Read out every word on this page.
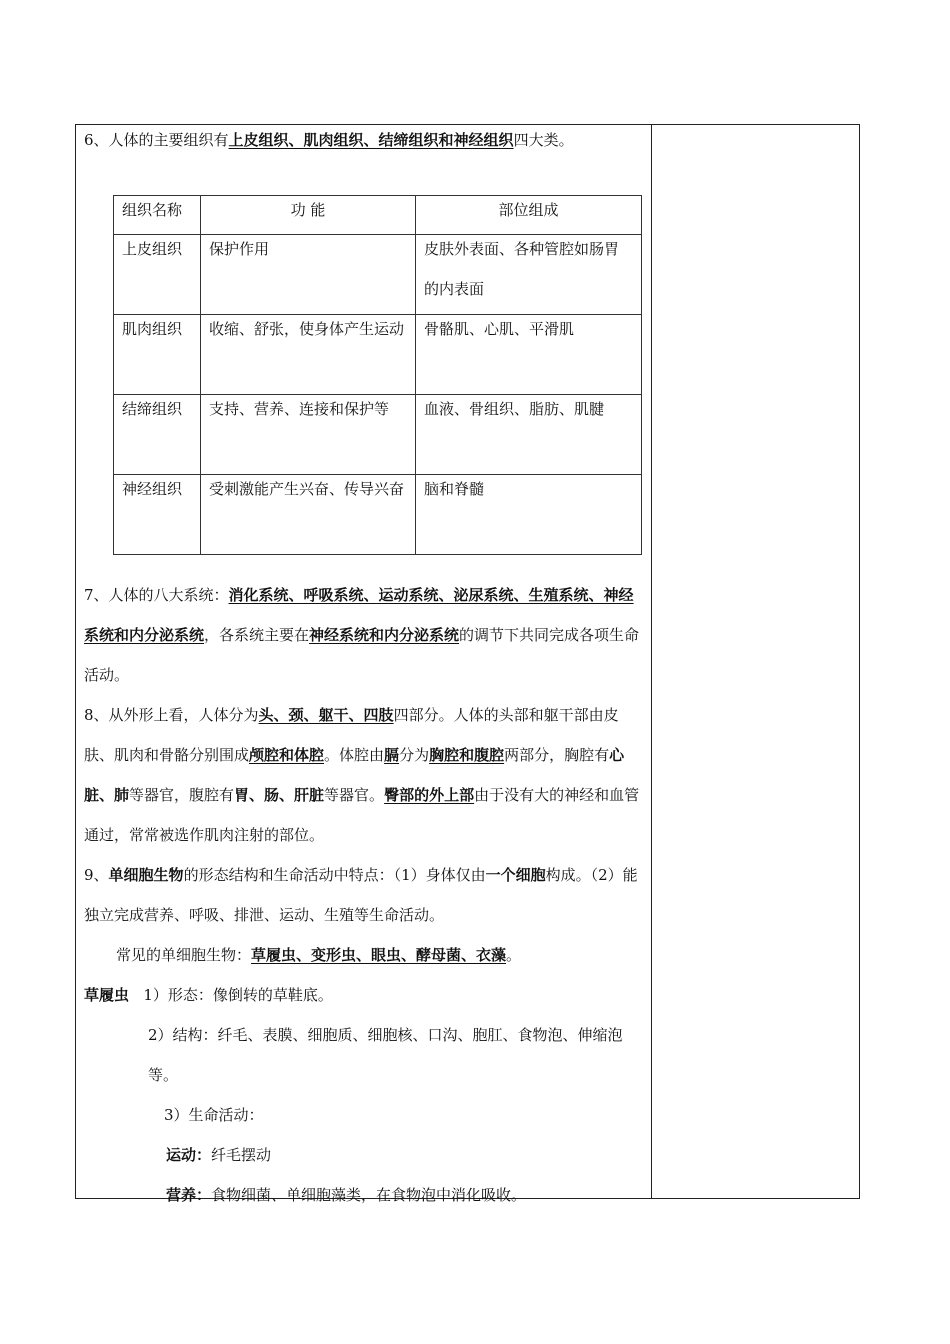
6、人体的主要组织有上皮组织、肌肉组织、结缔组织和神经组织四大类。

组织名称	功 能	部位组成

上皮组织	保护作用	皮肤外表面、各种管腔如肠胃的内表面

肌肉组织	收缩、舒张，使身体产生运动	骨骼肌、心肌、平滑肌

结缔组织	支持、营养、连接和保护等	血液、骨组织、脂肪、肌腱

神经组织	受刺激能产生兴奋、传导兴奋	脑和脊髓

7、人体的八大系统：消化系统、呼吸系统、运动系统、泌尿系统、生殖系统、神经系统和内分泌系统，各系统主要在神经系统和内分泌系统的调节下共同完成各项生命活动。

8、从外形上看，人体分为头、颈、躯干、四肢四部分。人体的头部和躯干部由皮肤、肌肉和骨骼分别围成颅腔和体腔。体腔由膈分为胸腔和腹腔两部分，胸腔有心脏、肺等器官，腹腔有胃、肠、肝脏等器官。臀部的外上部由于没有大的神经和血管通过，常常被选作肌肉注射的部位。

9、单细胞生物的形态结构和生命活动中特点：（1）身体仅由一个细胞构成。（2）能独立完成营养、呼吸、排泄、运动、生殖等生命活动。

常见的单细胞生物：草履虫、变形虫、眼虫、酵母菌、衣藻。

草履虫 1）形态：像倒转的草鞋底。

2）结构：纤毛、表膜、细胞质、细胞核、口沟、胞肛、食物泡、伸缩泡等。

3）生命活动：

运动：纤毛摆动

营养：食物细菌、单细胞藻类，在食物泡中消化吸收。
